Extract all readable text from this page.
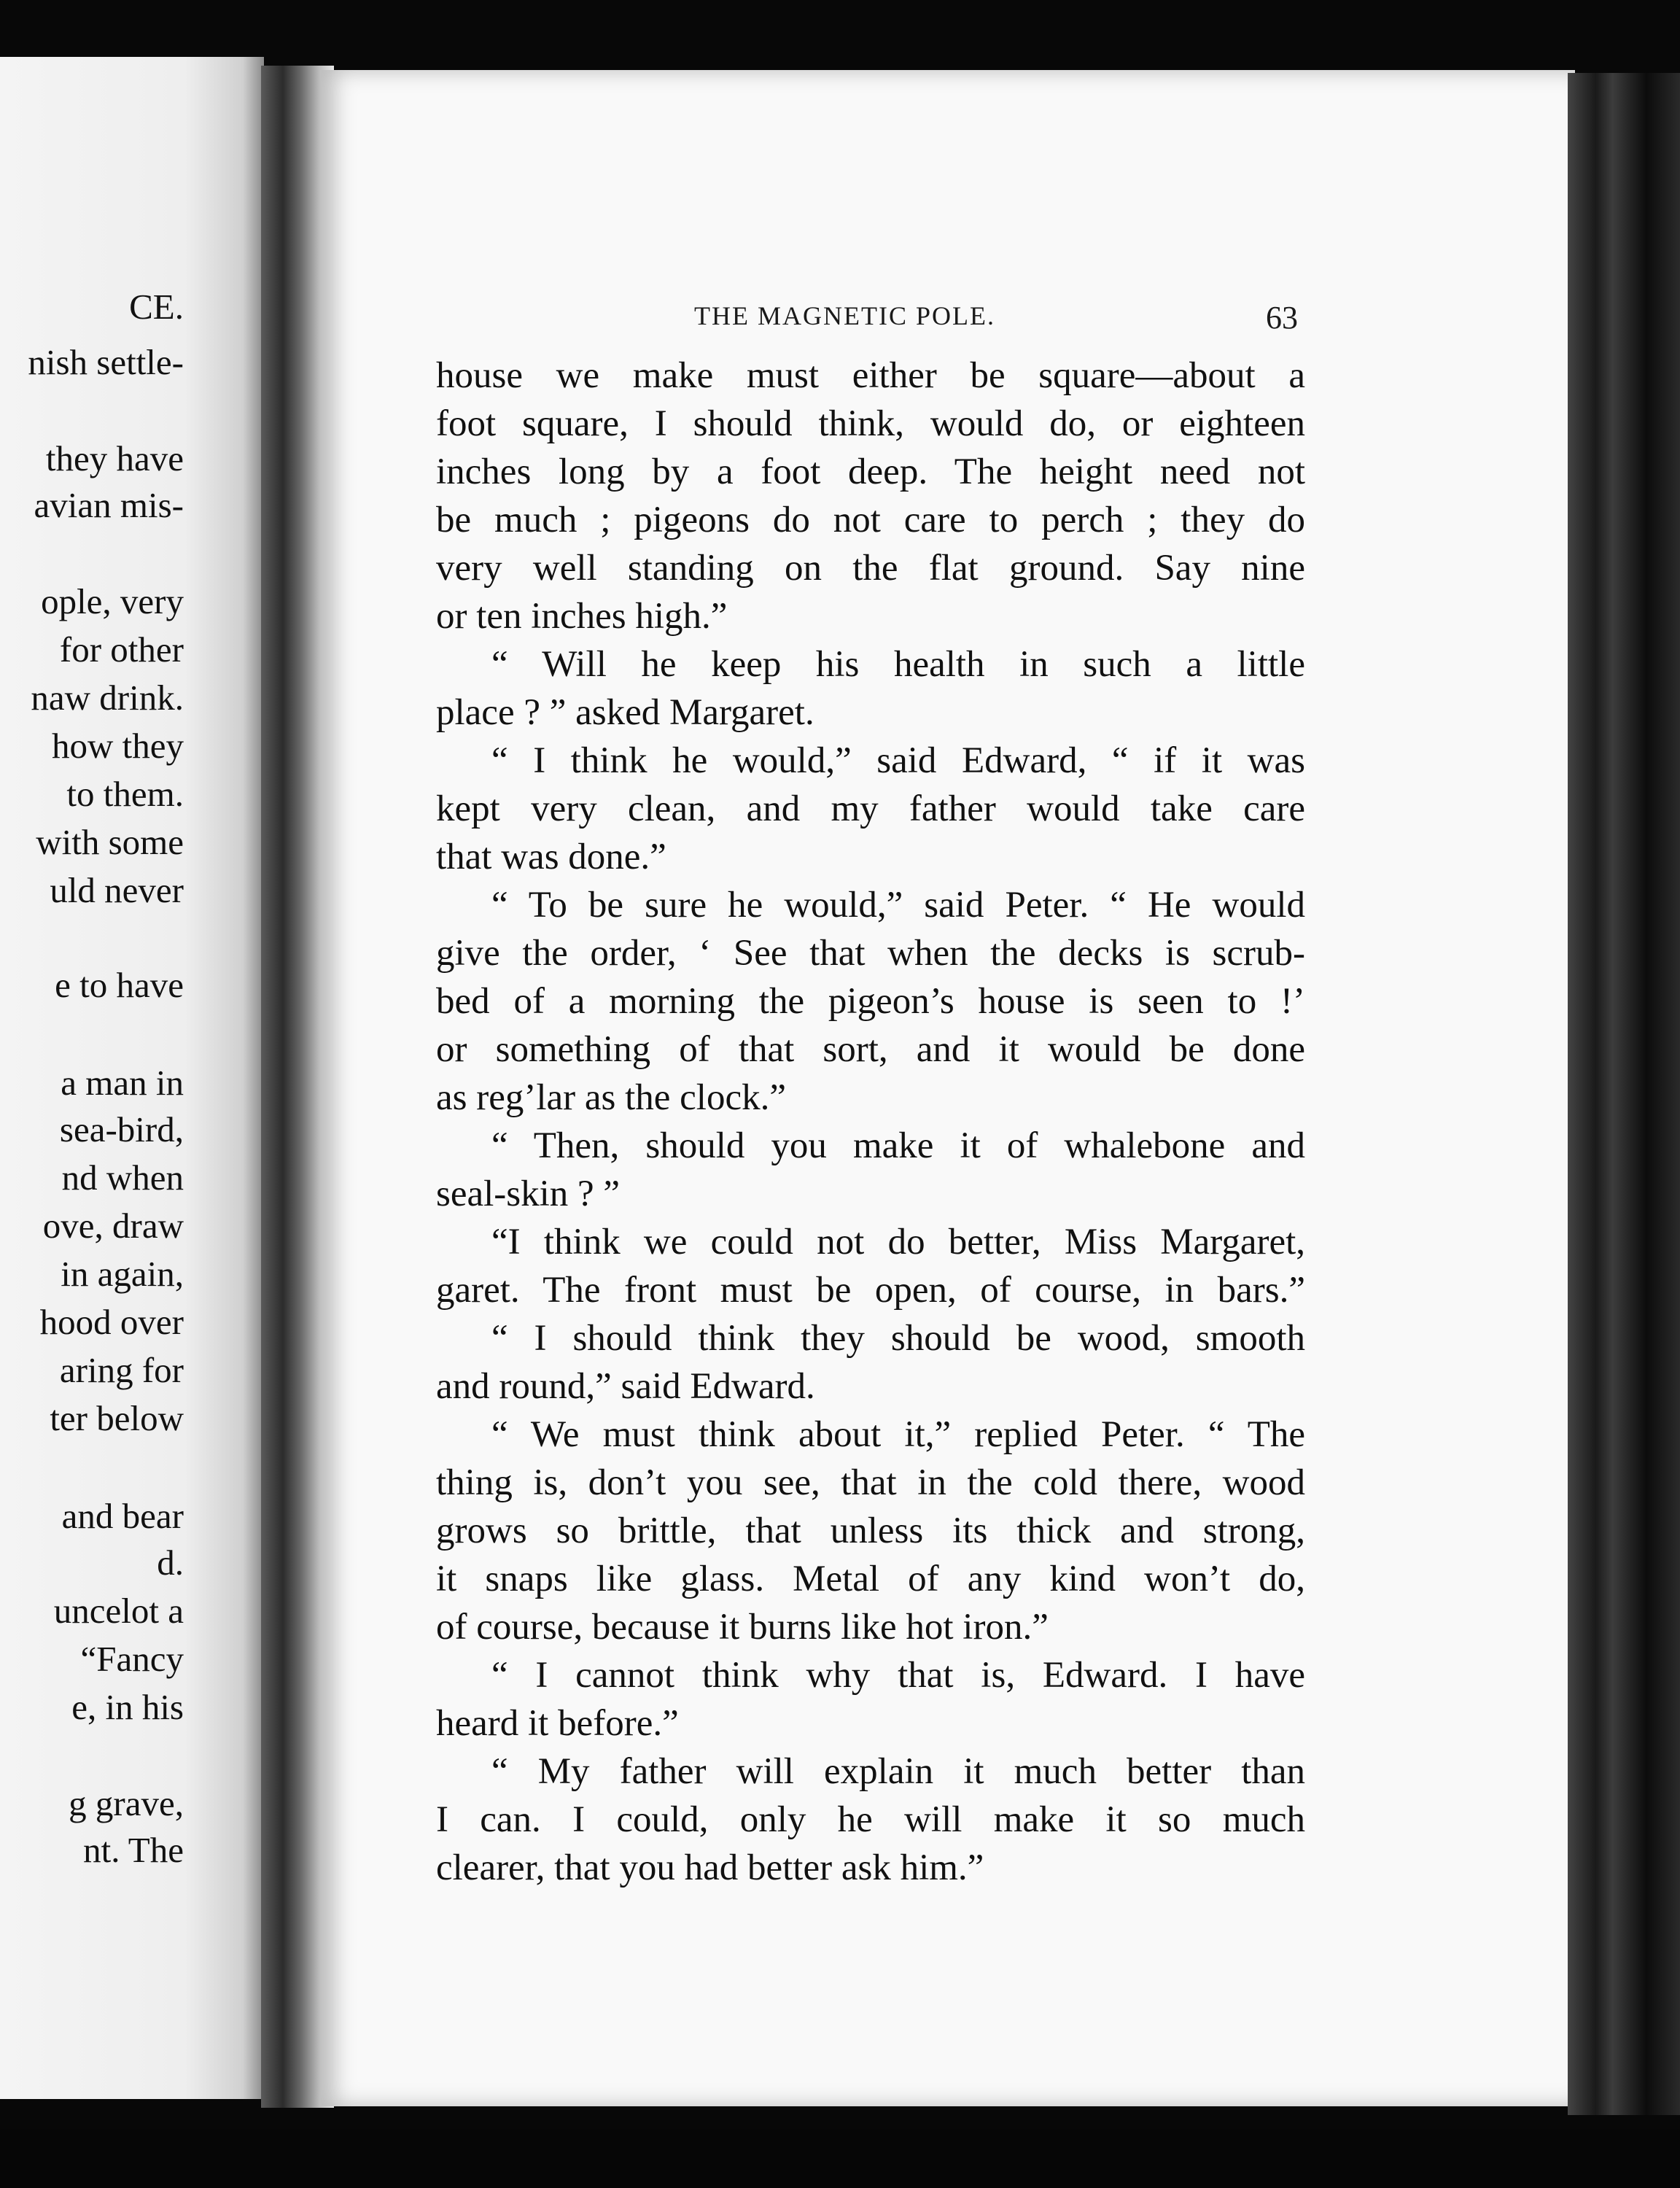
CE.
nish settle-
they have
avian mis-
ople, very
for other
naw drink.
how they
to them.
with some
uld never
e to have
a man in
sea-bird,
nd when
ove, draw
in again,
hood over
aring for
ter below
and bear
d.
uncelot a
“Fancy
e, in his
g grave,
nt. The
THE MAGNETIC POLE.	63
house we make must either be square—about a
foot square, I should think, would do, or eighteen
inches long by a foot deep. The height need not
be much ; pigeons do not care to perch ; they do
very well standing on the flat ground. Say nine
or ten inches high.”
“ Will he keep his health in such a little
place ? ” asked Margaret.
“ I think he would,” said Edward, “ if it was
kept very clean, and my father would take care
that was done.”
“ To be sure he would,” said Peter. “ He would
give the order, ‘ See that when the decks is scrub-
bed of a morning the pigeon’s house is seen to !’
or something of that sort, and it would be done
as reg’lar as the clock.”
“ Then, should you make it of whalebone and
seal-skin ? ”
“I think we could not do better, Miss Margaret,
garet. The front must be open, of course, in bars.”
“ I should think they should be wood, smooth
and round,” said Edward.
“ We must think about it,” replied Peter. “ The
thing is, don’t you see, that in the cold there, wood
grows so brittle, that unless its thick and strong,
it snaps like glass. Metal of any kind won’t do,
of course, because it burns like hot iron.”
“ I cannot think why that is, Edward. I have
heard it before.”
“ My father will explain it much better than
I can. I could, only he will make it so much
clearer, that you had better ask him.”
